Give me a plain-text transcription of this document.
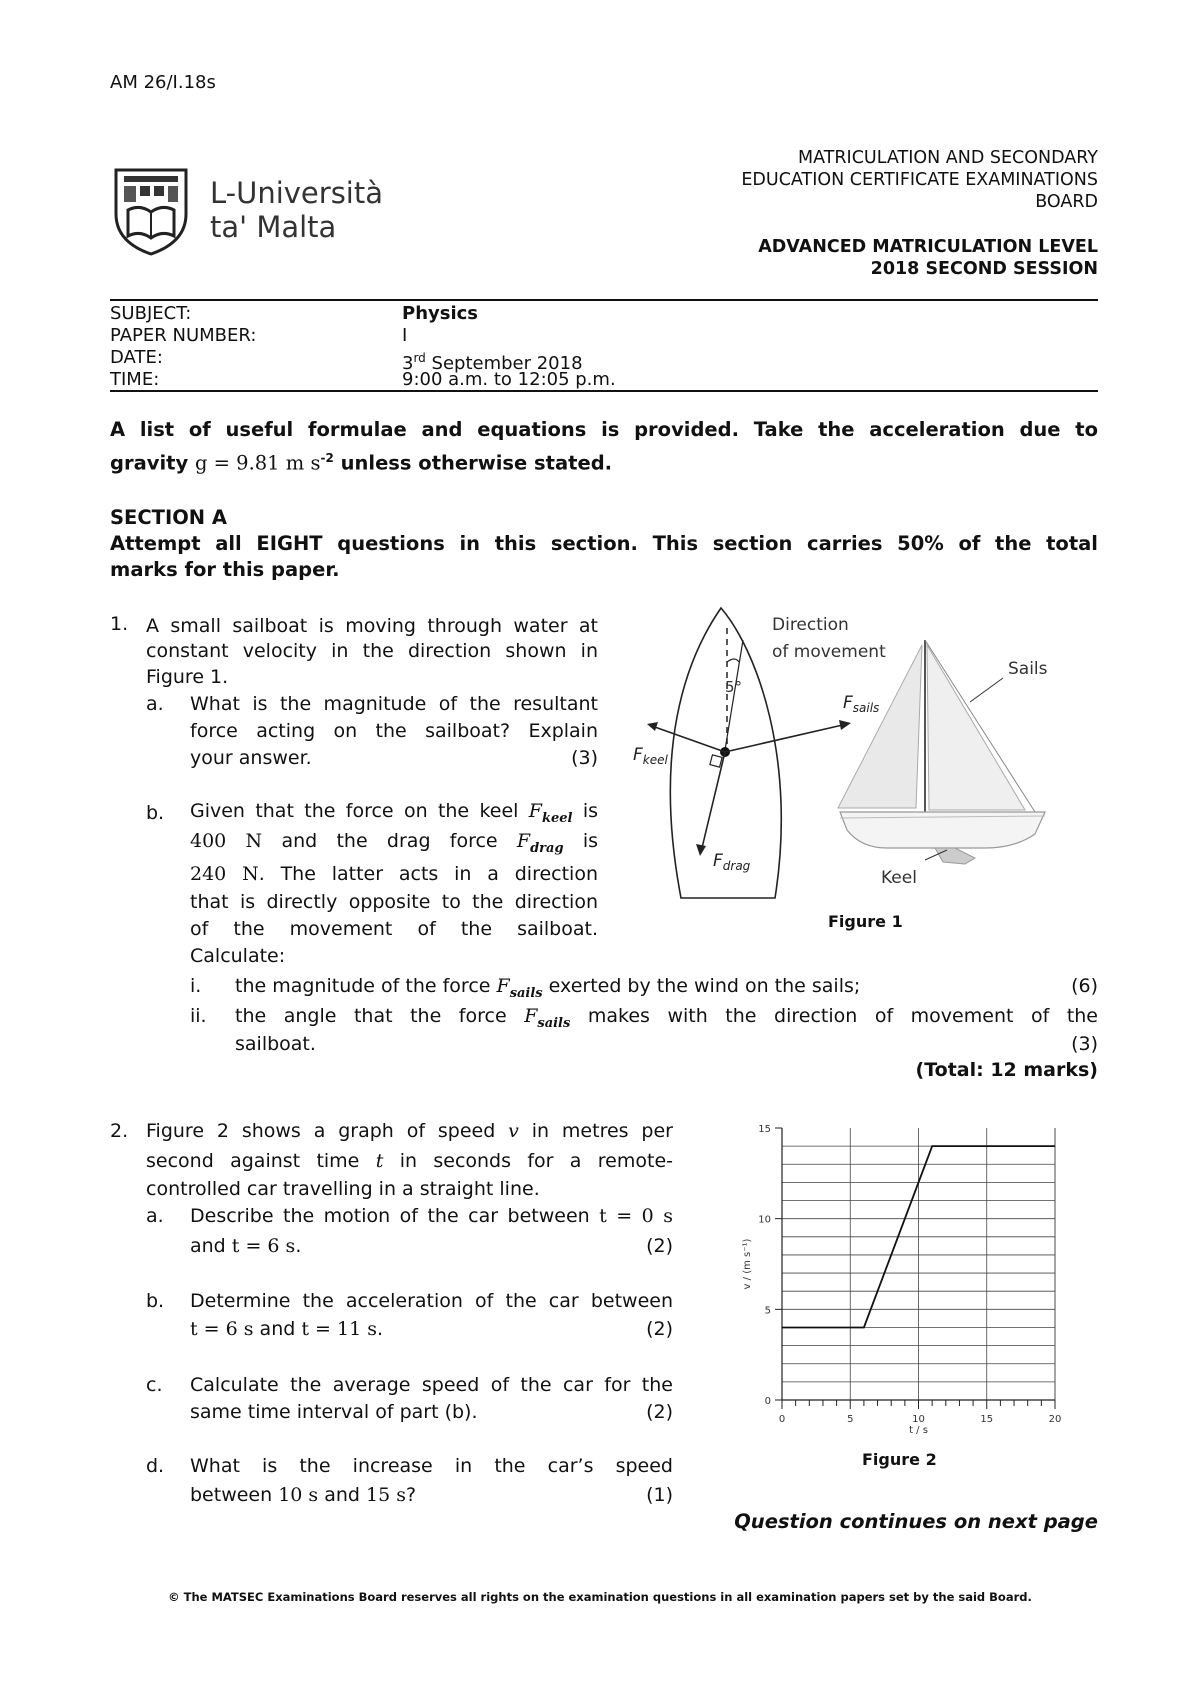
AM 26/I.18s
L-Università
ta' Malta
MATRICULATION AND SECONDARY
EDUCATION CERTIFICATE EXAMINATIONS
BOARD
ADVANCED MATRICULATION LEVEL
2018 SECOND SESSION
SUBJECT:	Physics
PAPER NUMBER:	I
DATE:	3rd September 2018
TIME:	9:00 a.m. to 12:05 p.m.
A list of useful formulae and equations is provided. Take the acceleration due to
gravity g = 9.81 m $s^{-2}$ unless otherwise stated.
SECTION A
Attempt all EIGHT questions in this section. This section carries 50% of the total
marks for this paper.
1. A small sailboat is moving through water at
constant velocity in the direction shown in
Figure 1.
a. What is the magnitude of the resultant
force acting on the sailboat? Explain
your answer.	(3)
b. Given that the force on the keel $F_{keel}$ is
400 N and the drag force $F_{drag}$ is
240 N. The latter acts in a direction
that is directly opposite to the direction
of the movement of the sailboat.
Calculate:
i. the magnitude of the force $F_{sails}$ exerted by the wind on the sails;	(6)
ii. the angle that the force $F_{sails}$ makes with the direction of movement of the
sailboat.	(3)
(Total: 12 marks)
5°
$F_{keel}$
$F_{sails}$
$F_{drag}$
Direction
of movement
Sails
Keel
Figure 1
2. Figure 2 shows a graph of speed v in metres per
second against time t in seconds for a remote-
controlled car travelling in a straight line.
a. Describe the motion of the car between t = 0 s
and t = 6 s.	(2)
b. Determine the acceleration of the car between
t = 6 s and t = 11 s.	(2)
c. Calculate the average speed of the car for the
same time interval of part (b).	(2)
d. What is the increase in the car’s speed
between 10 s and 15 s?	(1)
0	5	10	15	20
0
5
10
15
t / s
v / (m s⁻¹)
Figure 2
Question continues on next page
© The MATSEC Examinations Board reserves all rights on the examination questions in all examination papers set by the said Board.
